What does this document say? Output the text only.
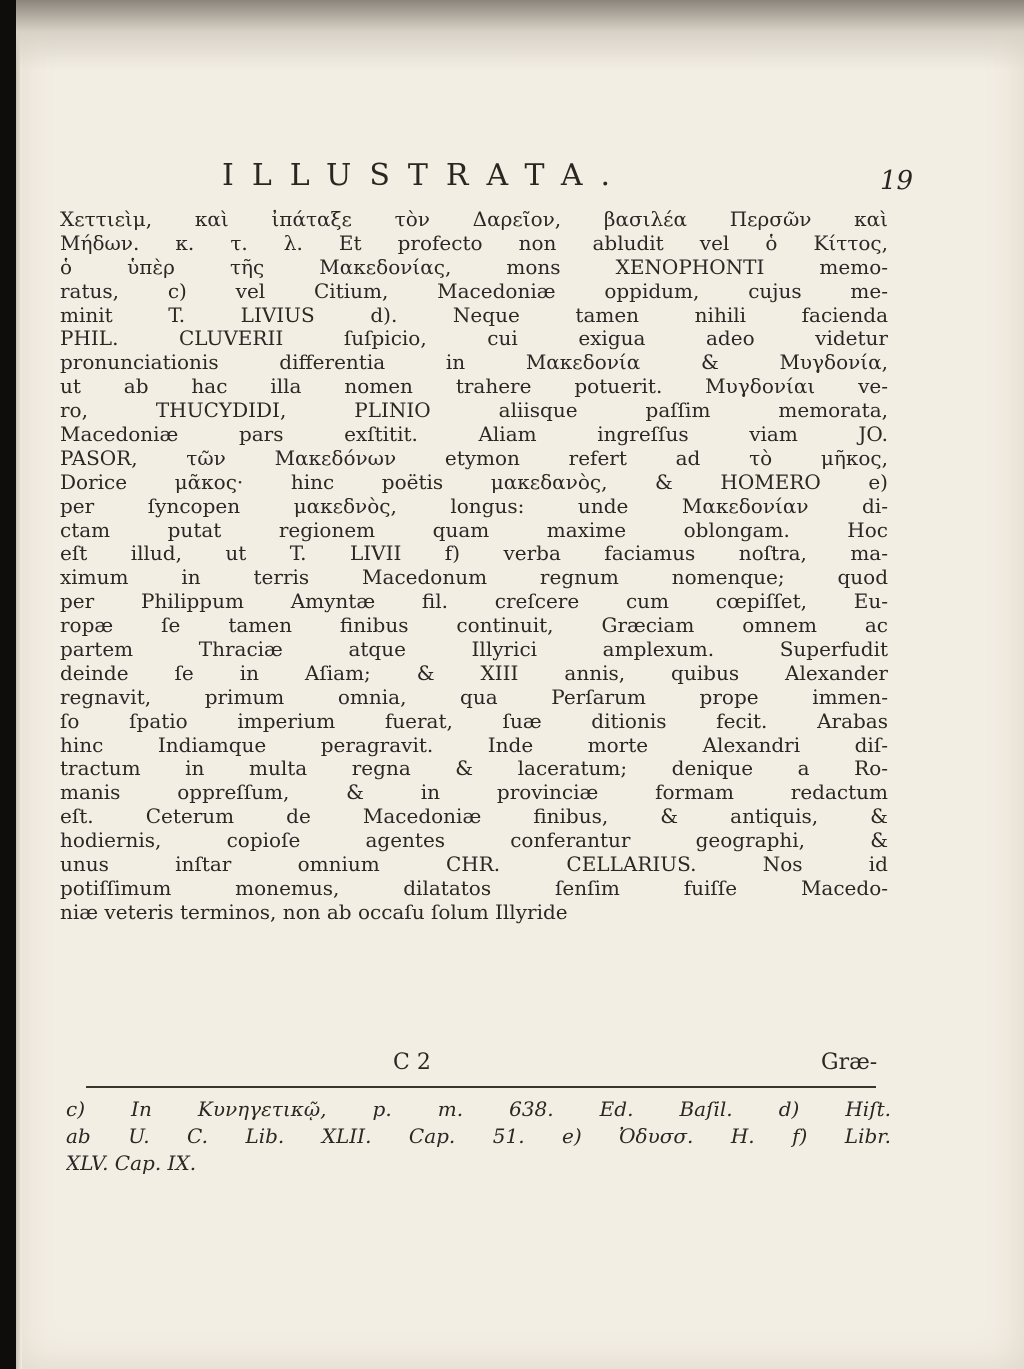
ILLUSTRATA.	19
Χεττιεὶμ, καὶ ἰπάταξε τὸν Δαρεῖον, βασιλέα Περσῶν καὶ
Μήδων. κ. τ. λ. Et profecto non abludit vel ὁ Κίττος,
ὁ ὑπὲρ τῆς Μακεδονίας, mons XENOPHONTI memo-
ratus, c) vel Citium, Macedoniæ oppidum, cujus me-
minit T. LIVIUS d). Neque tamen nihili facienda
PHIL. CLUVERII ſuſpicio, cui exigua adeo videtur
pronunciationis differentia in Μακεδονία & Μυγδονία,
ut ab hac illa nomen trahere potuerit. Μυγδονίαι ve-
ro, THUCYDIDI, PLINIO aliisque paſſim memorata,
Macedoniæ pars exſtitit. Aliam ingreſſus viam JO.
PASOR, τῶν Μακεδόνων etymon refert ad τὸ μῆκος,
Dorice μᾶκος· hinc poëtis μακεδανὸς, & HOMERO e)
per ſyncopen μακεδνὸς, longus: unde Μακεδονίαν di-
ctam putat regionem quam maxime oblongam. Hoc
eſt illud, ut T. LIVII f) verba faciamus noſtra, ma-
ximum in terris Macedonum regnum nomenque; quod
per Philippum Amyntæ fil. creſcere cum cœpiſſet, Eu-
ropæ ſe tamen finibus continuit, Græciam omnem ac
partem Thraciæ atque Illyrici amplexum. Superfudit
deinde ſe in Aſiam; & XIII annis, quibus Alexander
regnavit, primum omnia, qua Perſarum prope immen-
ſo ſpatio imperium fuerat, ſuæ ditionis fecit. Arabas
hinc Indiamque peragravit. Inde morte Alexandri diſ-
tractum in multa regna & laceratum; denique a Ro-
manis oppreſſum, & in provinciæ formam redactum
eſt. Ceterum de Macedoniæ finibus, & antiquis, &
hodiernis, copioſe agentes conferantur geographi, &
unus inſtar omnium CHR. CELLARIUS. Nos id
potiſſimum monemus, dilatatos ſenſim fuiſſe Macedo-
niæ veteris terminos, non ab occaſu ſolum Illyride
C 2	Græ-
c) In Κυνηγετικῷ, p. m. 638. Ed. Baſil. d) Hiſt.
ab U. C. Lib. XLII. Cap. 51. e) Ὀδυσσ. H. f) Libr.
XLV. Cap. IX.
